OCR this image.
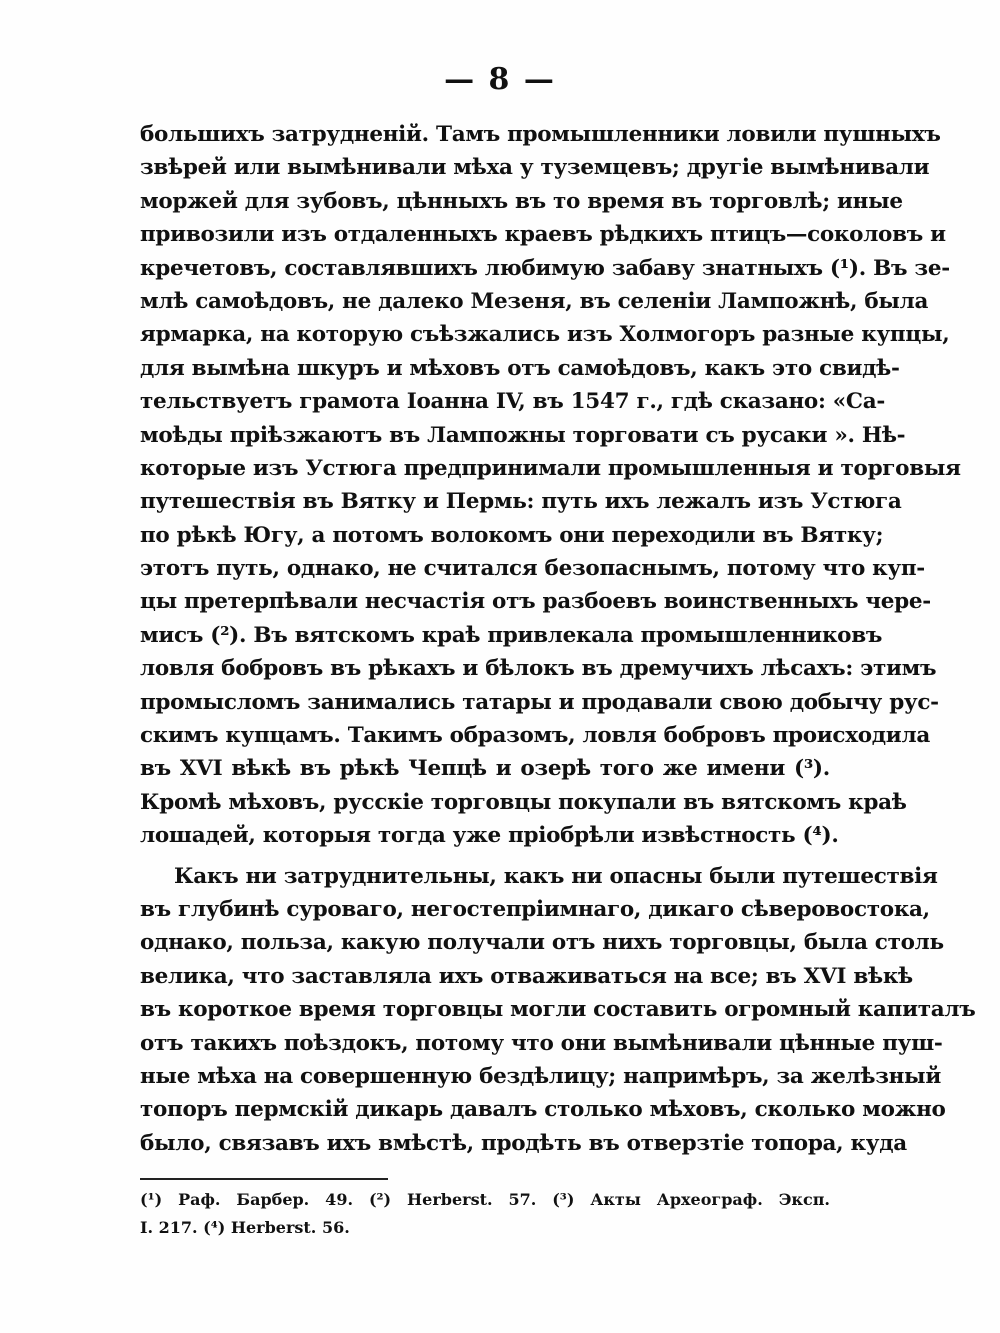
— 8 —
большихъ затрудненій. Тамъ промышленники ловили пушныхъ
звѣрей или вымѣнивали мѣха у туземцевъ; другіе вымѣнивали
моржей для зубовъ, цѣнныхъ въ то время въ торговлѣ; иные
привозили изъ отдаленныхъ краевъ рѣдкихъ птицъ—соколовъ и
кречетовъ, составлявшихъ любимую забаву знатныхъ (¹). Въ зе-
млѣ самоѣдовъ, не далеко Мезеня, въ селеніи Лампожнѣ, была
ярмарка, на которую съѣзжались изъ Холмогоръ разные купцы,
для вымѣна шкуръ и мѣховъ отъ самоѣдовъ, какъ это свидѣ-
тельствуетъ грамота Іоанна IV, въ 1547 г., гдѣ сказано: «Са-
моѣды пріѣзжаютъ въ Лампожны торговати съ русаки ». Нѣ-
которые изъ Устюга предпринимали промышленныя и торговыя
путешествія въ Вятку и Пермь: путь ихъ лежалъ изъ Устюга
по рѣкѣ Югу, а потомъ волокомъ они переходили въ Вятку;
этотъ путь, однако, не считался безопаснымъ, потому что куп-
цы претерпѣвали несчастія отъ разбоевъ воинственныхъ чере-
мисъ (²). Въ вятскомъ краѣ привлекала промышленниковъ
ловля бобровъ въ рѣкахъ и бѣлокъ въ дремучихъ лѣсахъ: этимъ
промысломъ занимались татары и продавали свою добычу рус-
скимъ купцамъ. Такимъ образомъ, ловля бобровъ происходила
въ XVI вѣкѣ въ рѣкѣ Чепцѣ и озерѣ того же имени (³).
Кромѣ мѣховъ, русскіе торговцы покупали въ вятскомъ краѣ
лошадей, которыя тогда уже пріобрѣли извѣстность (⁴).
Какъ ни затруднительны, какъ ни опасны были путешествія
въ глубинѣ суроваго, негостепріимнаго, дикаго сѣверовостока,
однако, польза, какую получали отъ нихъ торговцы, была столь
велика, что заставляла ихъ отваживаться на все; въ XVI вѣкѣ
въ короткое время торговцы могли составить огромный капиталъ
отъ такихъ поѣздокъ, потому что они вымѣнивали цѣнные пуш-
ные мѣха на совершенную бездѣлицу; напримѣръ, за желѣзный
топоръ пермскій дикарь давалъ столько мѣховъ, сколько можно
было, связавъ ихъ вмѣстѣ, продѣть въ отверзтіе топора, куда
(¹) Раф. Барбер. 49. (²) Herberst. 57. (³) Акты Археограф. Эксп.
I. 217. (⁴) Herberst. 56.
